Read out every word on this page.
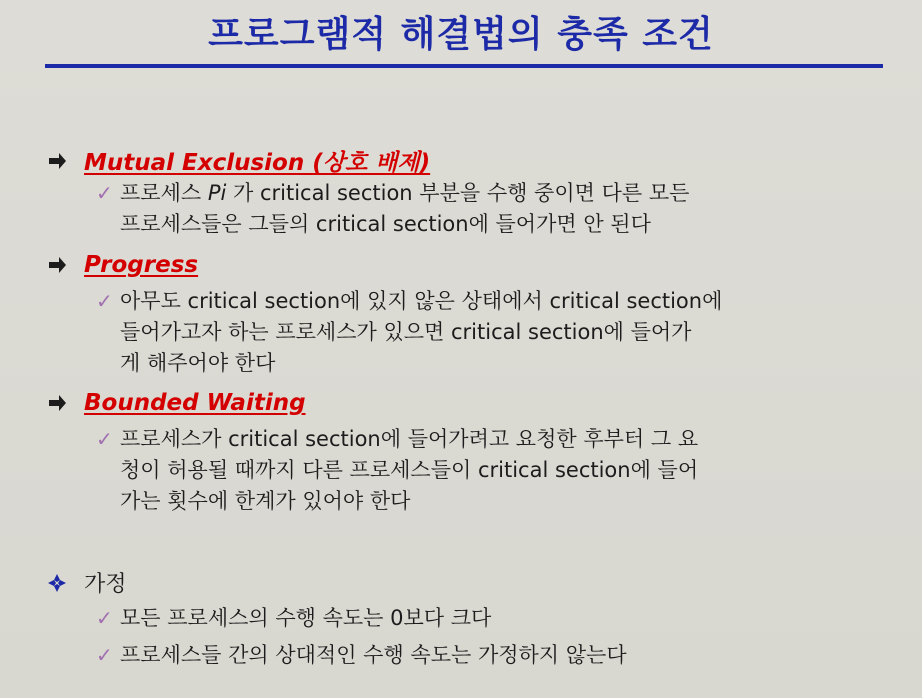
프로그램적 해결법의 충족 조건
Mutual Exclusion (상호 배제)
✓ 프로세스 Pi 가 critical section 부분을 수행 중이면 다른 모든
프로세스들은 그들의 critical section에 들어가면 안 된다
Progress
✓ 아무도 critical section에 있지 않은 상태에서 critical section에
들어가고자 하는 프로세스가 있으면 critical section에 들어가
게 해주어야 한다
Bounded Waiting
✓ 프로세스가 critical section에 들어가려고 요청한 후부터 그 요
청이 허용될 때까지 다른 프로세스들이 critical section에 들어
가는 횟수에 한계가 있어야 한다
가정
✓ 모든 프로세스의 수행 속도는 0보다 크다
✓ 프로세스들 간의 상대적인 수행 속도는 가정하지 않는다
